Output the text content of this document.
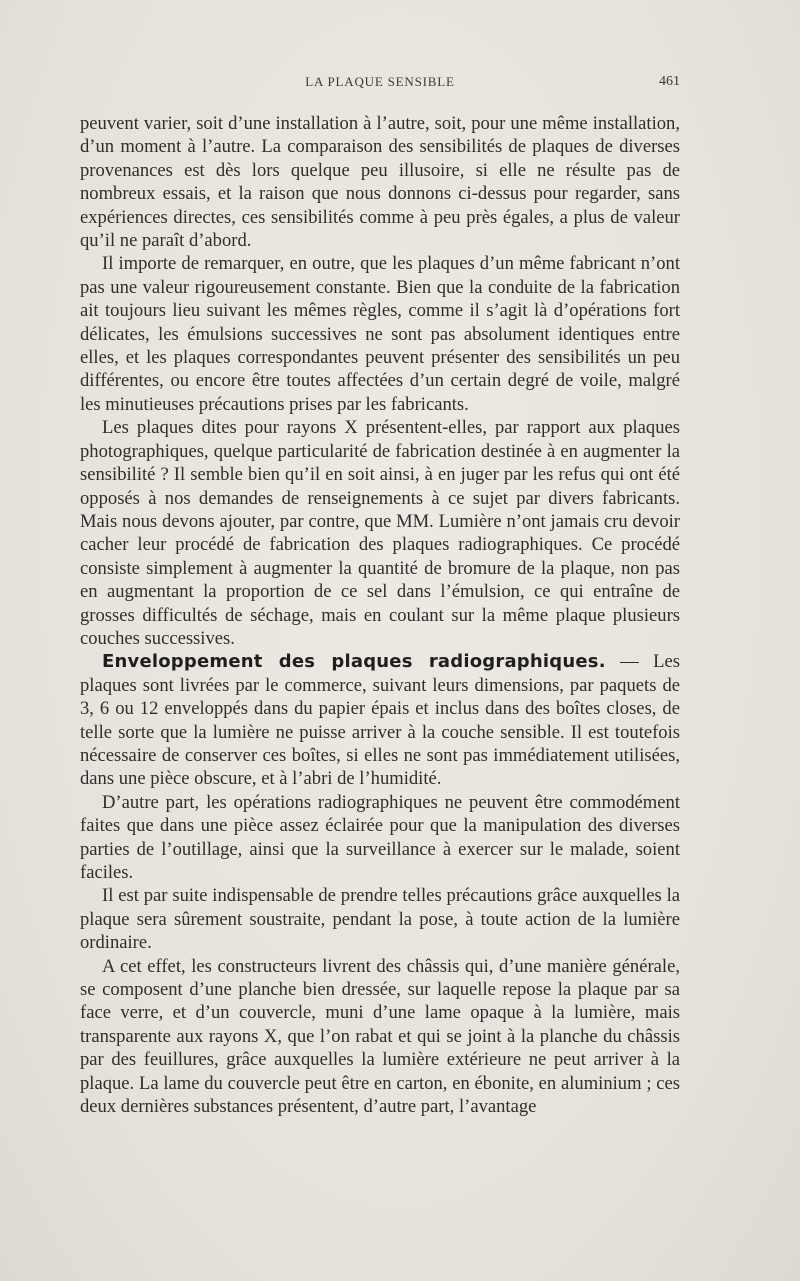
LA PLAQUE SENSIBLE	461

peuvent varier, soit d’une installation à l’autre, soit, pour une même installation, d’un moment à l’autre. La comparaison des sensibilités de plaques de diverses provenances est dès lors quelque peu illusoire, si elle ne résulte pas de nombreux essais, et la raison que nous donnons ci-dessus pour regarder, sans expériences directes, ces sensibilités comme à peu près égales, a plus de valeur qu’il ne paraît d’abord.

Il importe de remarquer, en outre, que les plaques d’un même fabricant n’ont pas une valeur rigoureusement constante. Bien que la conduite de la fabrication ait toujours lieu suivant les mêmes règles, comme il s’agit là d’opérations fort délicates, les émulsions successives ne sont pas absolument identiques entre elles, et les plaques correspondantes peuvent présenter des sensibilités un peu différentes, ou encore être toutes affectées d’un certain degré de voile, malgré les minutieuses précautions prises par les fabricants.

Les plaques dites pour rayons X présentent-elles, par rapport aux plaques photographiques, quelque particularité de fabrication destinée à en augmenter la sensibilité ? Il semble bien qu’il en soit ainsi, à en juger par les refus qui ont été opposés à nos demandes de renseignements à ce sujet par divers fabricants. Mais nous devons ajouter, par contre, que MM. Lumière n’ont jamais cru devoir cacher leur procédé de fabrication des plaques radiographiques. Ce procédé consiste simplement à augmenter la quantité de bromure de la plaque, non pas en augmentant la proportion de ce sel dans l’émulsion, ce qui entraîne de grosses difficultés de séchage, mais en coulant sur la même plaque plusieurs couches successives.

Enveloppement des plaques radiographiques. — Les plaques sont livrées par le commerce, suivant leurs dimensions, par paquets de 3, 6 ou 12 enveloppés dans du papier épais et inclus dans des boîtes closes, de telle sorte que la lumière ne puisse arriver à la couche sensible. Il est toutefois nécessaire de conserver ces boîtes, si elles ne sont pas immédiatement utilisées, dans une pièce obscure, et à l’abri de l’humidité.

D’autre part, les opérations radiographiques ne peuvent être commodément faites que dans une pièce assez éclairée pour que la manipulation des diverses parties de l’outillage, ainsi que la surveillance à exercer sur le malade, soient faciles.

Il est par suite indispensable de prendre telles précautions grâce auxquelles la plaque sera sûrement soustraite, pendant la pose, à toute action de la lumière ordinaire.

A cet effet, les constructeurs livrent des châssis qui, d’une manière générale, se composent d’une planche bien dressée, sur laquelle repose la plaque par sa face verre, et d’un couvercle, muni d’une lame opaque à la lumière, mais transparente aux rayons X, que l’on rabat et qui se joint à la planche du châssis par des feuillures, grâce auxquelles la lumière extérieure ne peut arriver à la plaque. La lame du couvercle peut être en carton, en ébonite, en aluminium ; ces deux dernières substances présentent, d’autre part, l’avantage
